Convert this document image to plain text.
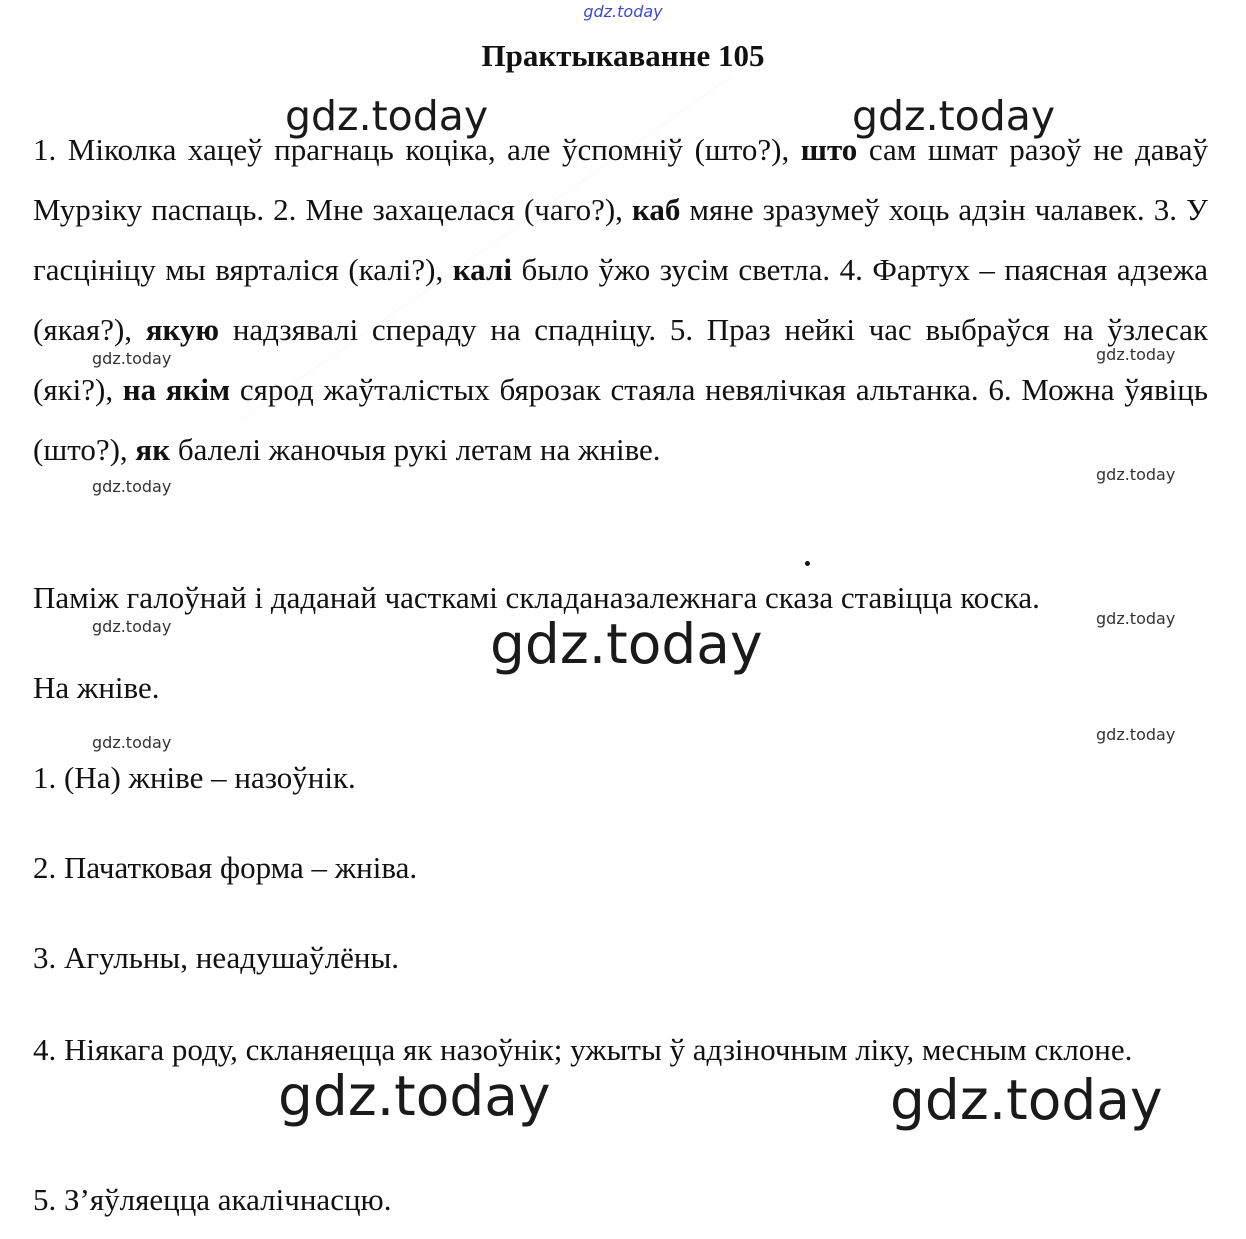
gdz.today
Практыкаванне 105

1. Міколка хацеў прагнаць коціка, але ўспомніў (што?), што сам шмат разоў не даваў Мурзіку паспаць. 2. Мне захацелася (чаго?), каб мяне зразумеў хоць адзін чалавек. 3. У гасцініцу мы вярталіся (калі?), калі было ўжо зусім светла. 4. Фартух – паясная адзежа (якая?), якую надзявалі спераду на спадніцу. 5. Праз нейкі час выбраўся на ўзлесак (які?), на якім сярод жаўталістых бярозак стаяла невялічкая альтанка. 6. Можна ўявіць (што?), як балелі жаночыя рукі летам на жніве.

Паміж галоўнай і даданай часткамі складаназалежнага сказа ставіцца коска.
На жніве.
1. (На) жніве – назоўнік.
2. Пачатковая форма – жніва.
3. Агульны, неадушаўлёны.
4. Ніякага роду, скланяецца як назоўнік; ужыты ў адзіночным ліку, месным склоне.
5. З’яўляецца акалічнасцю.
gdz.today	gdz.today
gdz.today	gdz.today
gdz.today
gdz.today
gdz.today	gdz.today
gdz.today	gdz.today
gdz.today
gdz.today	gdz.today
